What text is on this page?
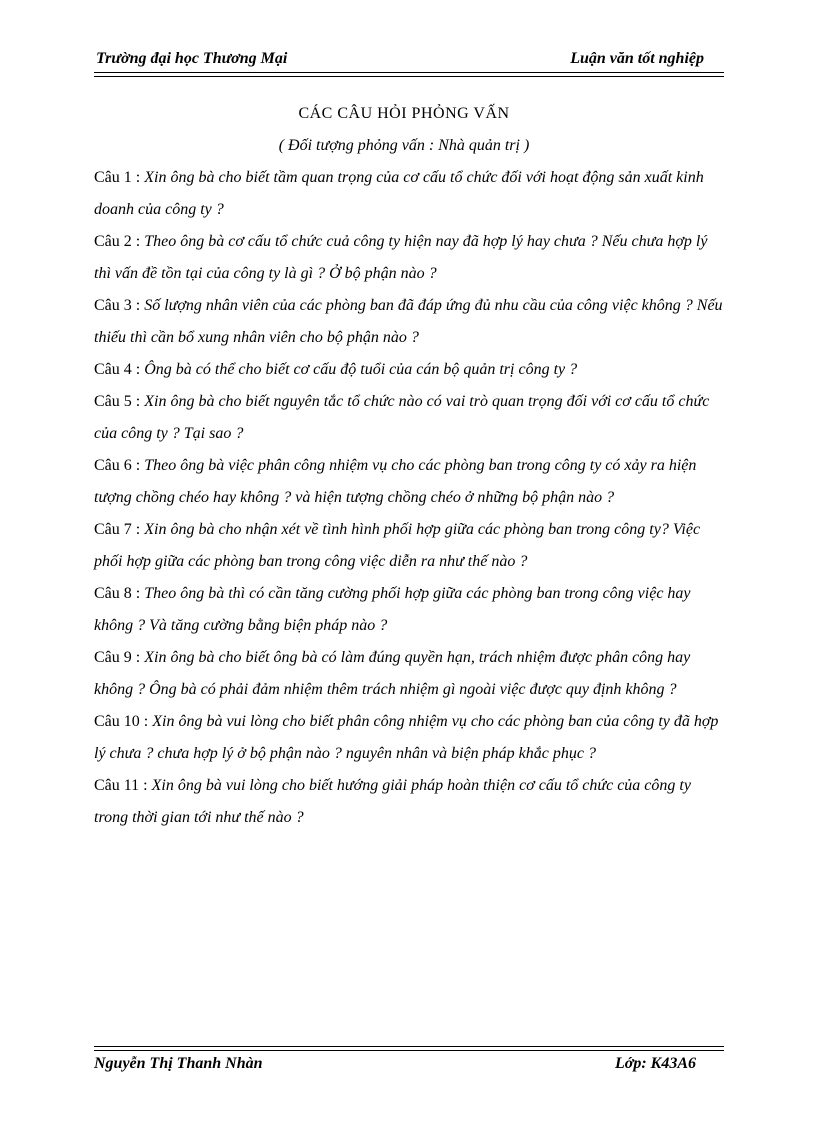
Trường đại học Thương Mại	Luận văn tốt nghiệp
CÁC CÂU HỎI PHỎNG VẤN
( Đối tượng phỏng vấn : Nhà quản trị )

Câu 1 : Xin ông bà cho biết tầm quan trọng của cơ cấu tổ chức đối với hoạt động sản xuất kinh doanh của công ty ?

Câu 2 : Theo ông bà cơ cấu tổ chức cuả công ty hiện nay đã hợp lý hay chưa ? Nếu chưa hợp lý thì vấn đề tồn tại của công ty là gì ? Ở bộ phận nào ?

Câu 3 : Số lượng nhân viên của các phòng ban đã đáp ứng đủ nhu cầu của công việc không ? Nếu thiếu thì cần bổ xung nhân viên cho bộ phận nào ?

Câu 4 : Ông bà có thể cho biết cơ cấu độ tuổi của cán bộ quản trị công ty ?

Câu 5 : Xin ông bà cho biết nguyên tắc tổ chức nào có vai trò quan trọng đối với cơ cấu tổ chức của công ty ? Tại sao ?

Câu 6 : Theo ông bà việc phân công nhiệm vụ cho các phòng ban trong công ty có xảy ra hiện tượng chồng chéo hay không ? và hiện tượng chồng chéo ở những bộ phận nào ?

Câu 7 : Xin ông bà cho nhận xét về tình hình phối hợp giữa các phòng ban trong công ty? Việc phối hợp giữa các phòng ban trong công việc diễn ra như thế nào ?

Câu 8 : Theo ông bà thì có cần tăng cường phối hợp giữa các phòng ban trong công việc hay không ? Và tăng cường bằng biện pháp nào ?

Câu 9 : Xin ông bà cho biết ông bà có làm đúng quyền hạn, trách nhiệm được phân công hay không ? Ông bà có phải đảm nhiệm thêm trách nhiệm gì ngoài việc được quy định không ?

Câu 10 : Xin ông bà vui lòng cho biết phân công nhiệm vụ cho các phòng ban của công ty đã hợp lý chưa ? chưa hợp lý ở bộ phận nào ? nguyên nhân và biện pháp khắc phục ?

Câu 11 : Xin ông bà vui lòng cho biết hướng giải pháp hoàn thiện cơ cấu tổ chức của công ty trong thời gian tới như thế nào ?

Nguyễn Thị Thanh Nhàn	Lớp: K43A6
